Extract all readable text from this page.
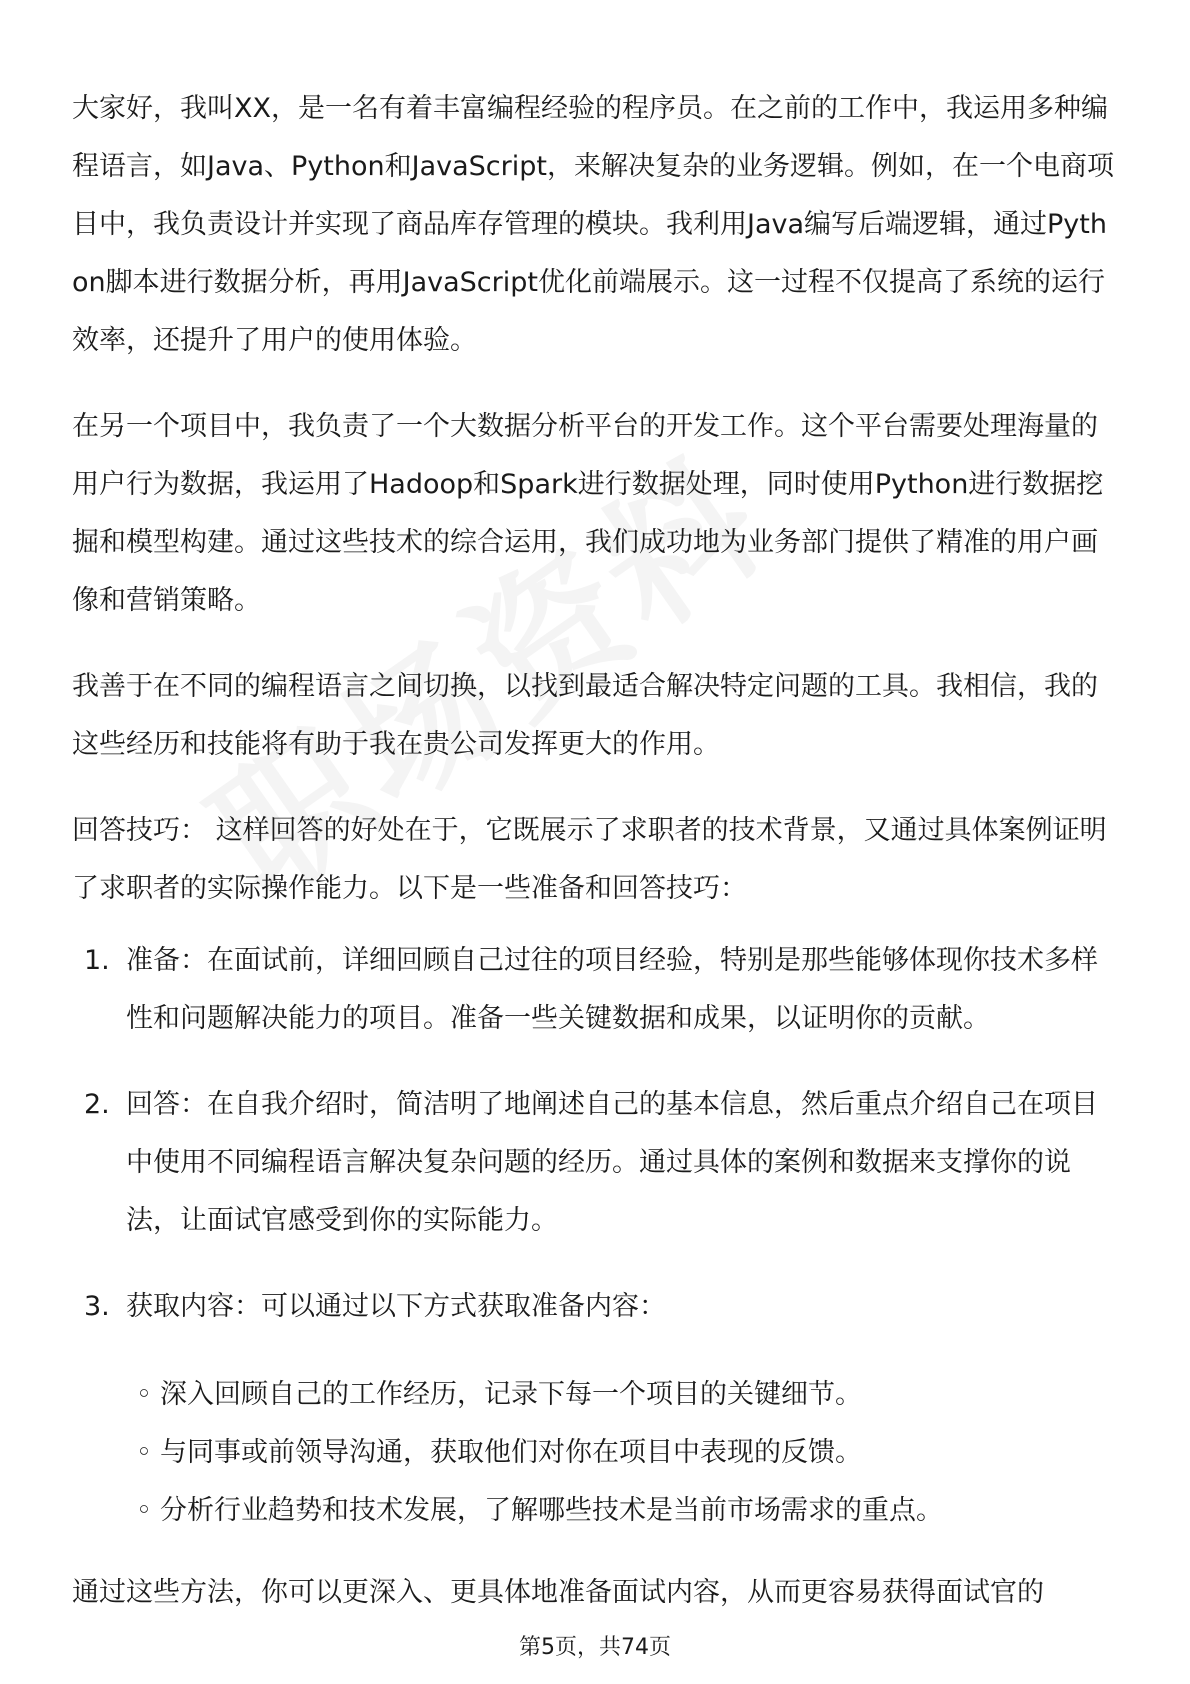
大家好，我叫XX，是一名有着丰富编程经验的程序员。在之前的工作中，我运用多种编程语言，如Java、Python和JavaScript，来解决复杂的业务逻辑。例如，在一个电商项目中，我负责设计并实现了商品库存管理的模块。我利用Java编写后端逻辑，通过Python脚本进行数据分析，再用JavaScript优化前端展示。这一过程不仅提高了系统的运行效率，还提升了用户的使用体验。

在另一个项目中，我负责了一个大数据分析平台的开发工作。这个平台需要处理海量的用户行为数据，我运用了Hadoop和Spark进行数据处理，同时使用Python进行数据挖掘和模型构建。通过这些技术的综合运用，我们成功地为业务部门提供了精准的用户画像和营销策略。

我善于在不同的编程语言之间切换，以找到最适合解决特定问题的工具。我相信，我的这些经历和技能将有助于我在贵公司发挥更大的作用。

回答技巧： 这样回答的好处在于，它既展示了求职者的技术背景，又通过具体案例证明了求职者的实际操作能力。以下是一些准备和回答技巧：

1. 准备：在面试前，详细回顾自己过往的项目经验，特别是那些能够体现你技术多样性和问题解决能力的项目。准备一些关键数据和成果，以证明你的贡献。
2. 回答：在自我介绍时，简洁明了地阐述自己的基本信息，然后重点介绍自己在项目中使用不同编程语言解决复杂问题的经历。通过具体的案例和数据来支撑你的说法，让面试官感受到你的实际能力。
3. 获取内容：可以通过以下方式获取准备内容：
◦ 深入回顾自己的工作经历，记录下每一个项目的关键细节。
◦ 与同事或前领导沟通，获取他们对你在项目中表现的反馈。
◦ 分析行业趋势和技术发展，了解哪些技术是当前市场需求的重点。

通过这些方法，你可以更深入、更具体地准备面试内容，从而更容易获得面试官的

第5页，共74页
